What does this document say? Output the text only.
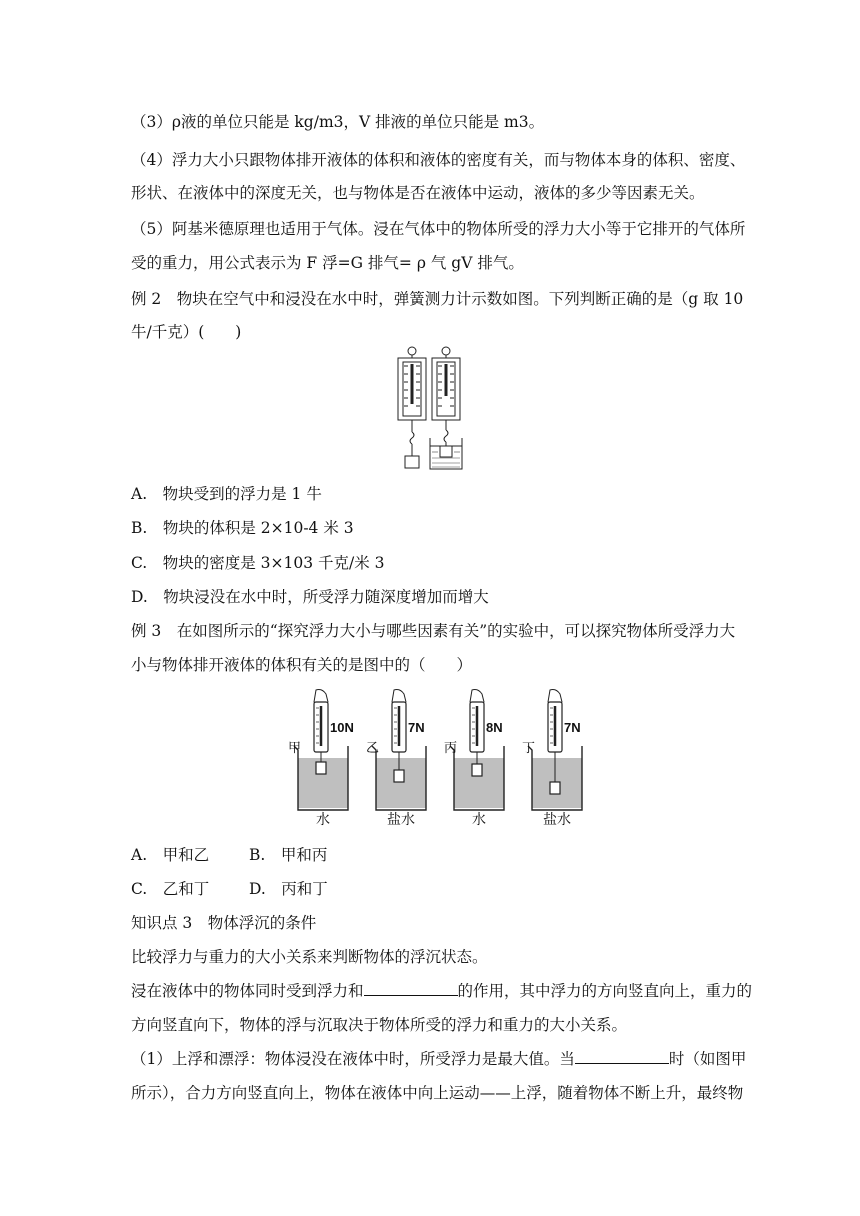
（3）ρ液的单位只能是 kg/m3，V 排液的单位只能是 m3。
（4）浮力大小只跟物体排开液体的体积和液体的密度有关，而与物体本身的体积、密度、
形状、在液体中的深度无关，也与物体是否在液体中运动，液体的多少等因素无关。
（5）阿基米德原理也适用于气体。浸在气体中的物体所受的浮力大小等于它排开的气体所
受的重力，用公式表示为 F 浮=G 排气= ρ 气 gV 排气。
例 2　物块在空气中和浸没在水中时，弹簧测力计示数如图。下列判断正确的是（g 取 10
牛/千克）(　　)
A.　物块受到的浮力是 1 牛
B.　物块的体积是 2×10-4 米 3
C.　物块的密度是 3×103 千克/米 3
D.　物块浸没在水中时，所受浮力随深度增加而增大
例 3　在如图所示的“探究浮力大小与哪些因素有关”的实验中，可以探究物体所受浮力大
小与物体排开液体的体积有关的是图中的（　　）
10N
甲
水
7N
乙
盐水
8N
丙
水
7N
丁
盐水
A.　甲和乙	B.　甲和丙
C.　乙和丁	D.　丙和丁
知识点 3　物体浮沉的条件
比较浮力与重力的大小关系来判断物体的浮沉状态。
浸在液体中的物体同时受到浮力和	的作用，其中浮力的方向竖直向上，重力的
方向竖直向下，物体的浮与沉取决于物体所受的浮力和重力的大小关系。
（1）上浮和漂浮：物体浸没在液体中时，所受浮力是最大值。当	时（如图甲
所示），合力方向竖直向上，物体在液体中向上运动——上浮，随着物体不断上升，最终物
